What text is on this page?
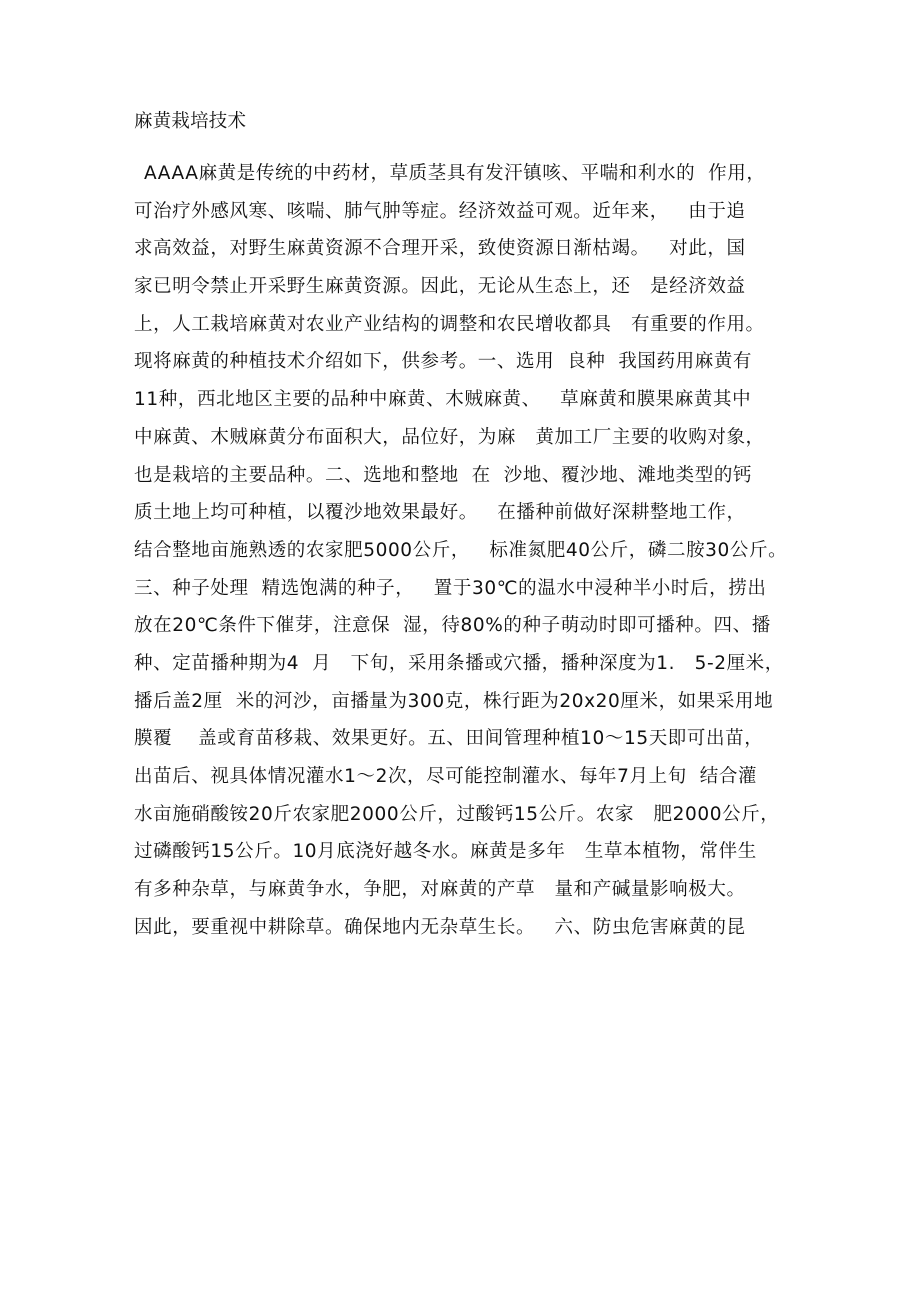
麻黄栽培技术
AAAA麻黄是传统的中药材，草质茎具有发汗镇咳、平喘和利水的  作用，
可治疗外感风寒、咳喘、肺气肿等症。经济效益可观。近年来，   由于追
求高效益，对野生麻黄资源不合理开采，致使资源日渐枯竭。   对此，国
家已明令禁止开采野生麻黄资源。因此，无论从生态上，还   是经济效益
上，人工栽培麻黄对农业产业结构的调整和农民增收都具   有重要的作用。
现将麻黄的种植技术介绍如下，供参考。一、选用  良种  我国药用麻黄有
11种，西北地区主要的品种中麻黄、木贼麻黄、   草麻黄和膜果麻黄其中
中麻黄、木贼麻黄分布面积大，品位好，为麻   黄加工厂主要的收购对象，
也是栽培的主要品种。二、选地和整地  在  沙地、覆沙地、滩地类型的钙
质土地上均可种植，以覆沙地效果最好。   在播种前做好深耕整地工作，
结合整地亩施熟透的农家肥5000公斤，   标准氮肥40公斤，磷二胺30公斤。
三、种子处理  精选饱满的种子，   置于30℃的温水中浸种半小时后，捞出
放在20℃条件下催芽，注意保  湿，待80%的种子萌动时即可播种。四、播
种、定苗播种期为4  月   下旬，采用条播或穴播，播种深度为1.   5-2厘米，
播后盖2厘  米的河沙，亩播量为300克，株行距为20x20厘米，如果采用地
膜覆    盖或育苗移栽、效果更好。五、田间管理种植10～15天即可出苗，
出苗后、视具体情况灌水1～2次，尽可能控制灌水、每年7月上旬  结合灌
水亩施硝酸铵20斤农家肥2000公斤，过酸钙15公斤。农家   肥2000公斤，
过磷酸钙15公斤。10月底浇好越冬水。麻黄是多年   生草本植物，常伴生
有多种杂草，与麻黄争水，争肥，对麻黄的产草   量和产碱量影响极大。
因此，要重视中耕除草。确保地内无杂草生长。   六、防虫危害麻黄的昆
